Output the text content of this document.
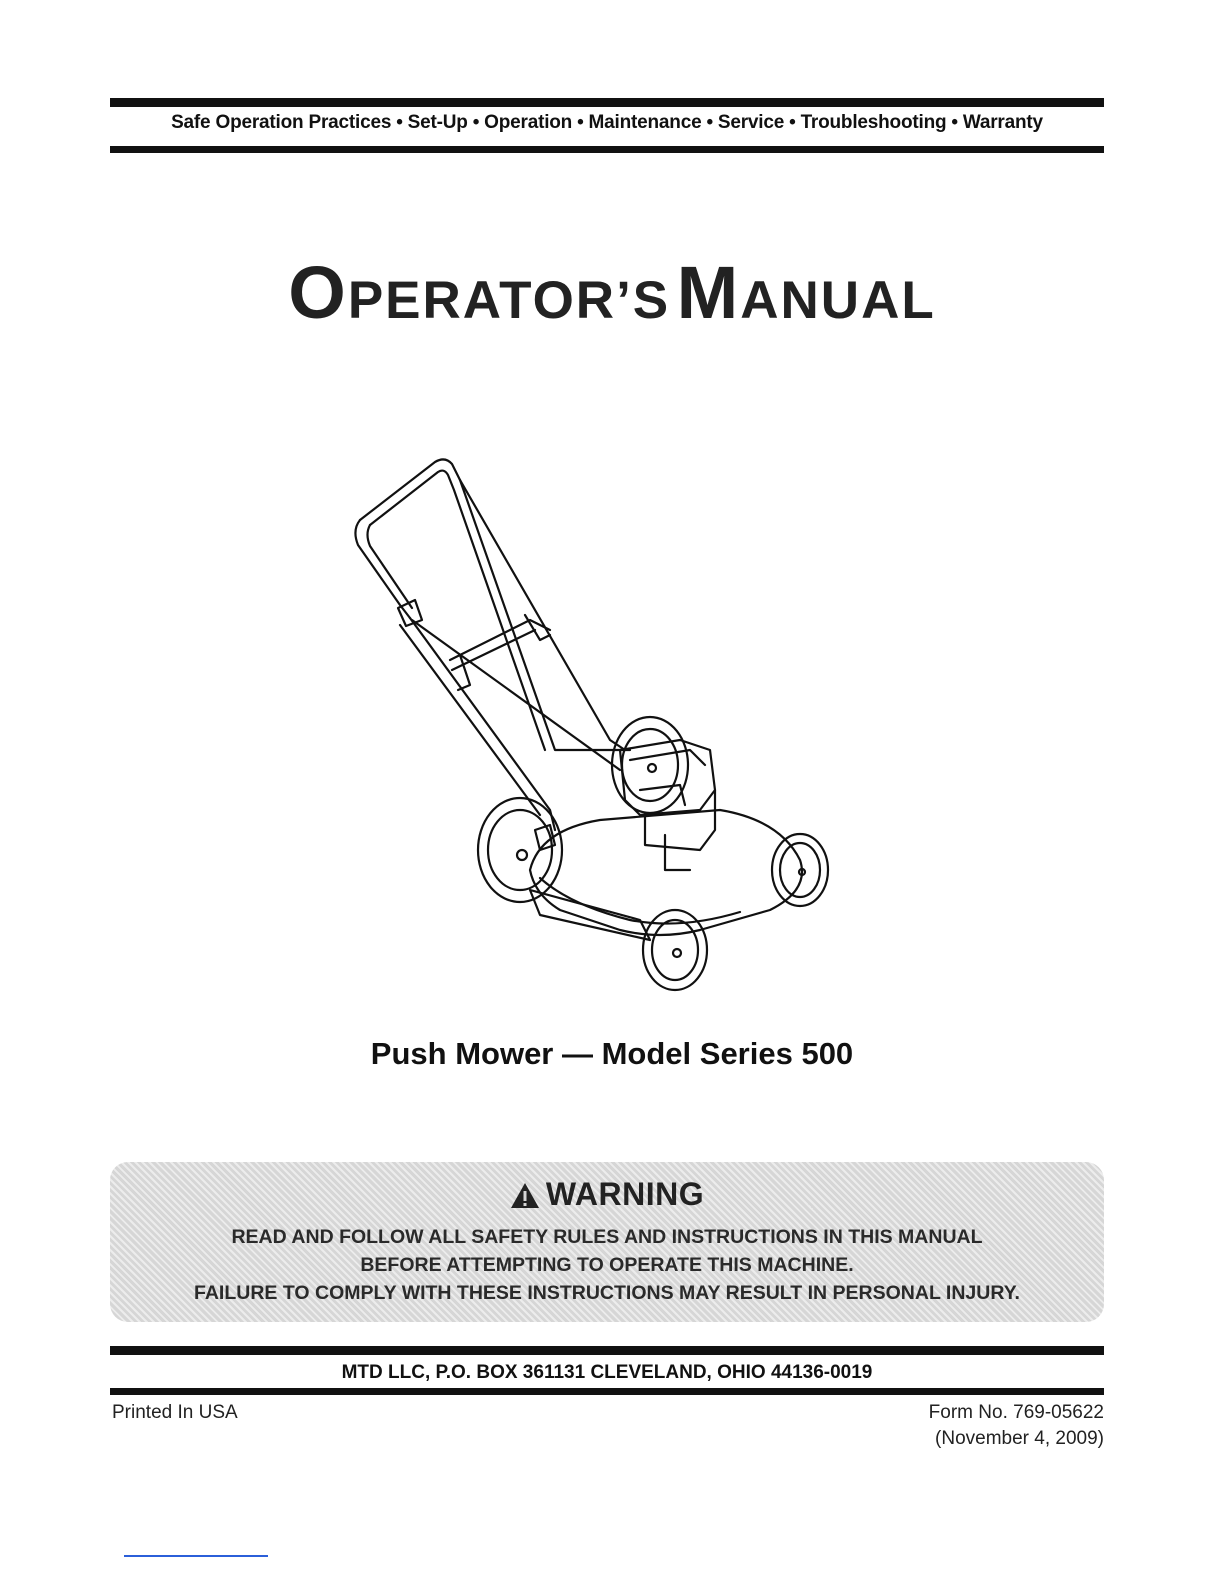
Safe Operation Practices • Set-Up • Operation • Maintenance • Service • Troubleshooting • Warranty
OPERATOR’S MANUAL
Push Mower — Model Series 500
WARNING
READ AND FOLLOW ALL SAFETY RULES AND INSTRUCTIONS IN THIS MANUAL
BEFORE ATTEMPTING TO OPERATE THIS MACHINE.
FAILURE TO COMPLY WITH THESE INSTRUCTIONS MAY RESULT IN PERSONAL INJURY.
MTD LLC, P.O. BOX 361131 CLEVELAND, OHIO 44136-0019
Printed In USA	Form No. 769-05622
(November 4, 2009)
